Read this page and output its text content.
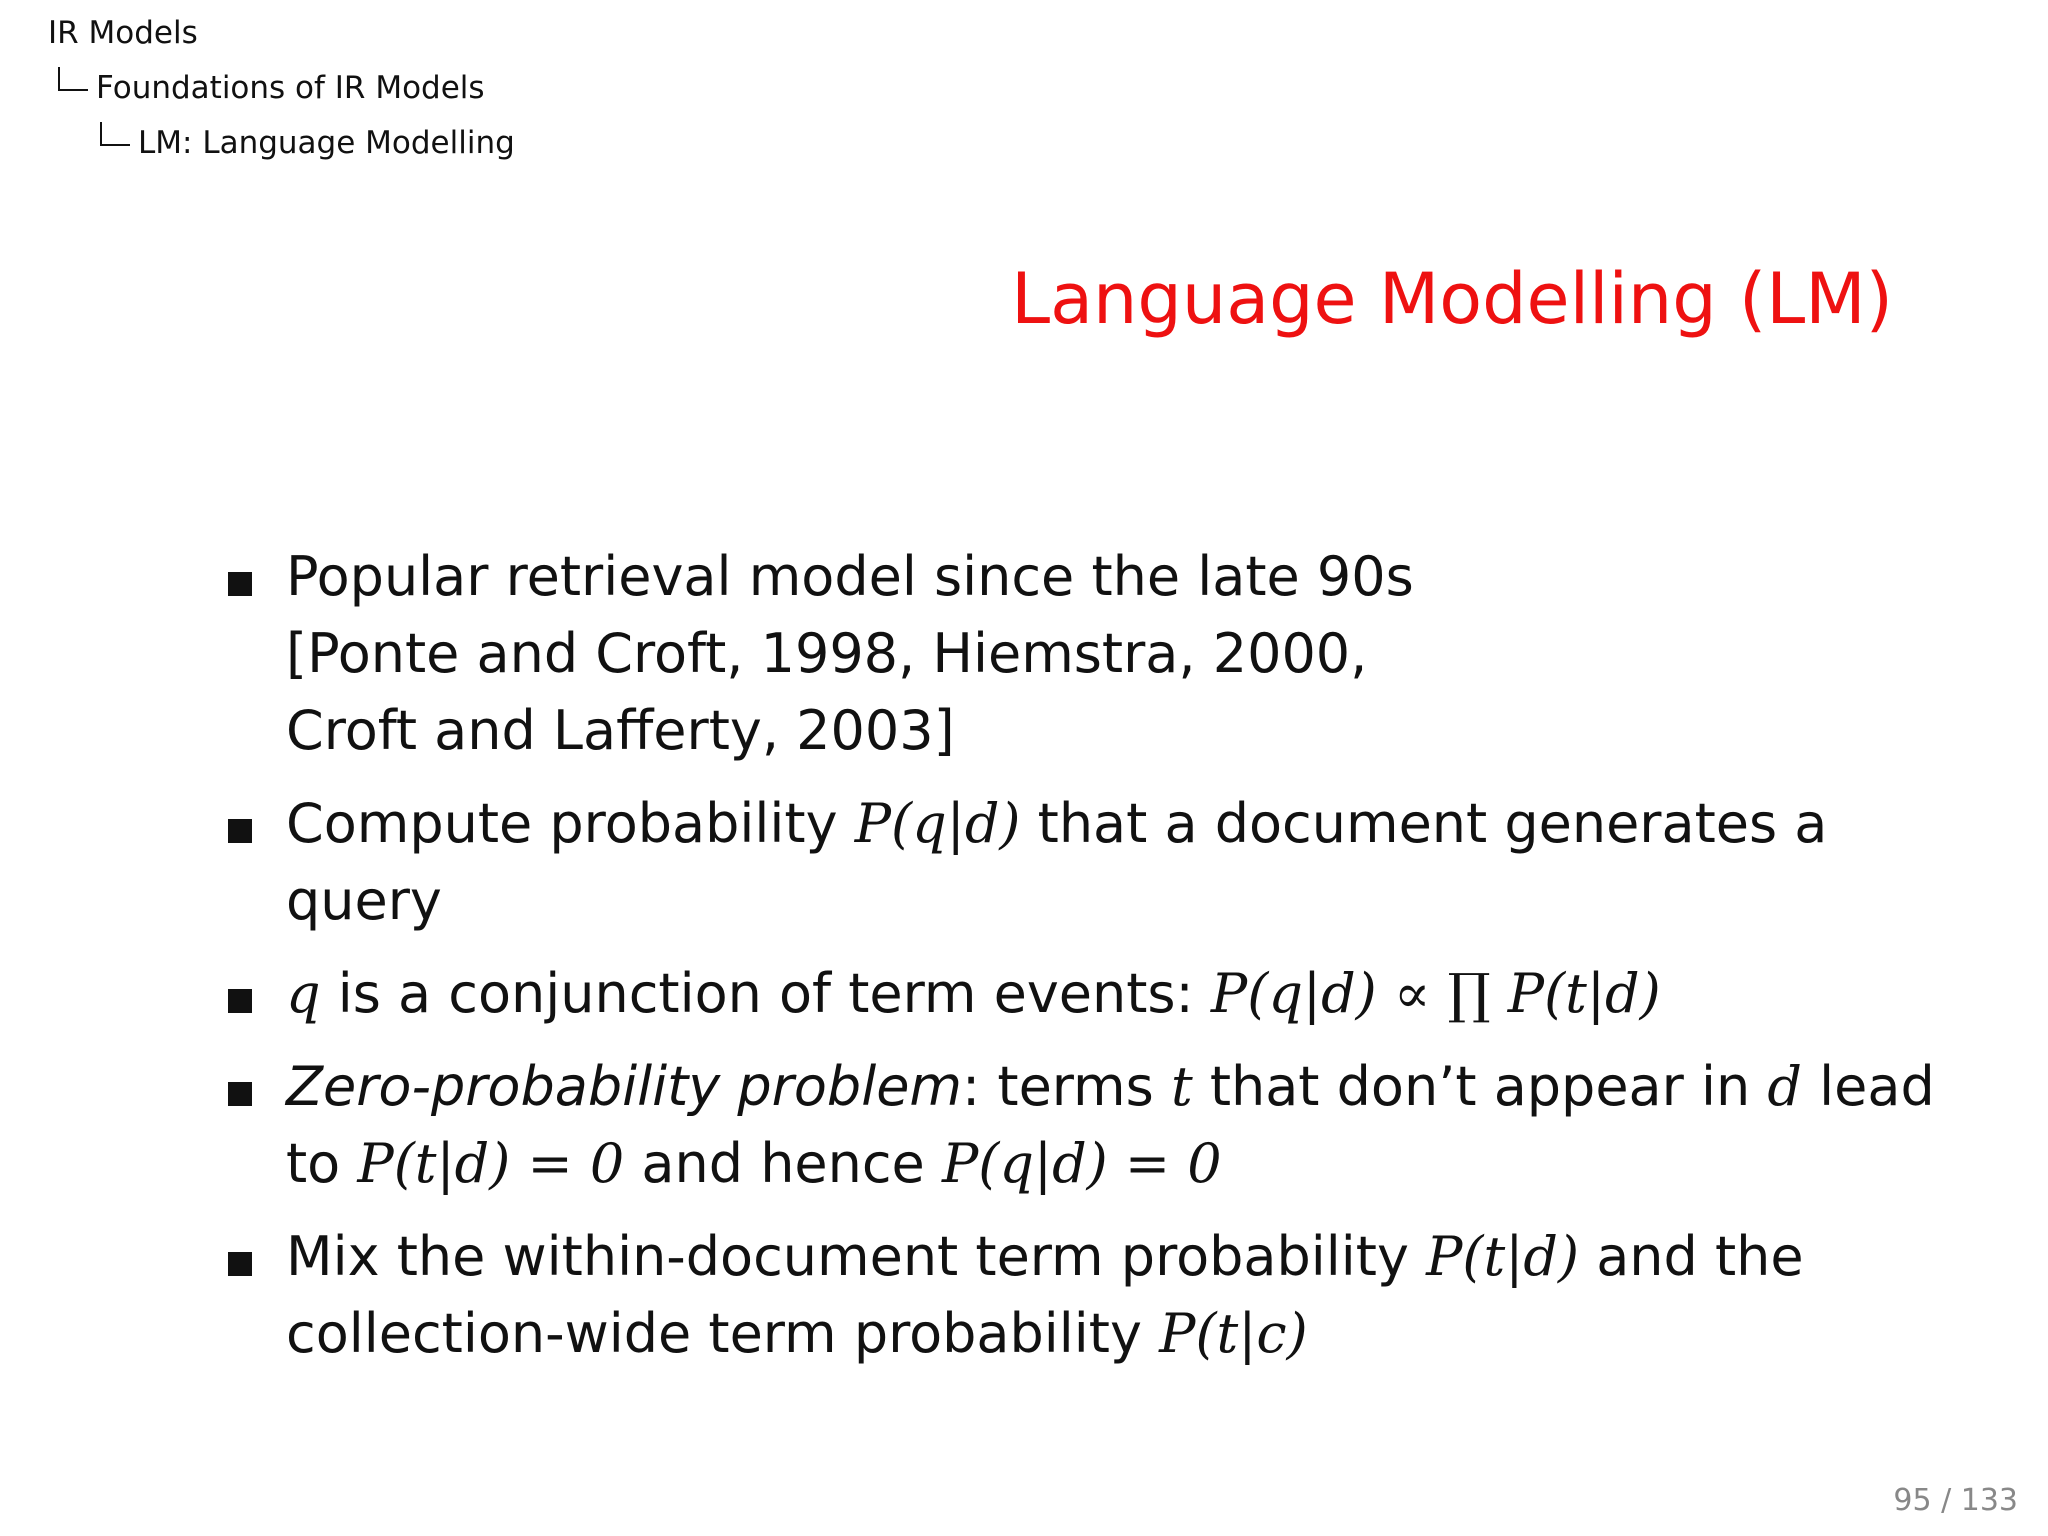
IR Models
Foundations of IR Models
LM: Language Modelling
Language Modelling (LM)
Popular retrieval model since the late 90s
[Ponte and Croft, 1998, Hiemstra, 2000,
Croft and Lafferty, 2003]
Compute probability P(q|d) that a document generates a
query
q is a conjunction of term events: P(q|d) ∝ ∏ P(t|d)
Zero-probability problem: terms t that don’t appear in d lead
to P(t|d) = 0 and hence P(q|d) = 0
Mix the within-document term probability P(t|d) and the
collection-wide term probability P(t|c)
95 / 133
